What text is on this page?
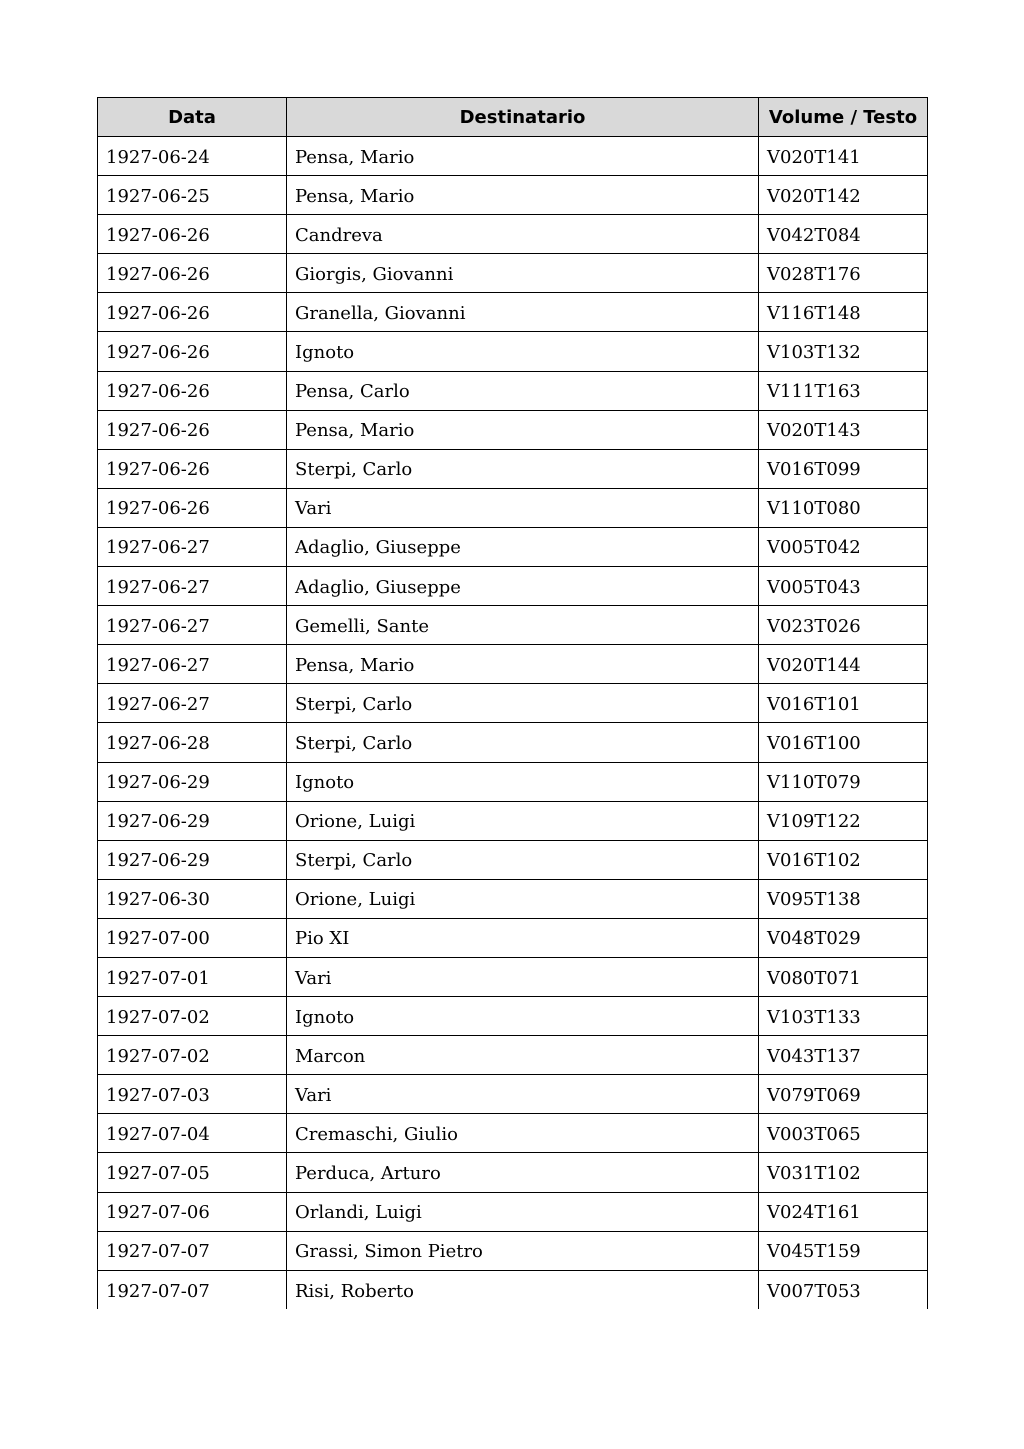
Data	Destinatario	Volume / Testo
1927-06-24	Pensa, Mario	V020T141
1927-06-25	Pensa, Mario	V020T142
1927-06-26	Candreva	V042T084
1927-06-26	Giorgis, Giovanni	V028T176
1927-06-26	Granella, Giovanni	V116T148
1927-06-26	Ignoto	V103T132
1927-06-26	Pensa, Carlo	V111T163
1927-06-26	Pensa, Mario	V020T143
1927-06-26	Sterpi, Carlo	V016T099
1927-06-26	Vari	V110T080
1927-06-27	Adaglio, Giuseppe	V005T042
1927-06-27	Adaglio, Giuseppe	V005T043
1927-06-27	Gemelli, Sante	V023T026
1927-06-27	Pensa, Mario	V020T144
1927-06-27	Sterpi, Carlo	V016T101
1927-06-28	Sterpi, Carlo	V016T100
1927-06-29	Ignoto	V110T079
1927-06-29	Orione, Luigi	V109T122
1927-06-29	Sterpi, Carlo	V016T102
1927-06-30	Orione, Luigi	V095T138
1927-07-00	Pio XI	V048T029
1927-07-01	Vari	V080T071
1927-07-02	Ignoto	V103T133
1927-07-02	Marcon	V043T137
1927-07-03	Vari	V079T069
1927-07-04	Cremaschi, Giulio	V003T065
1927-07-05	Perduca, Arturo	V031T102
1927-07-06	Orlandi, Luigi	V024T161
1927-07-07	Grassi, Simon Pietro	V045T159
1927-07-07	Risi, Roberto	V007T053
